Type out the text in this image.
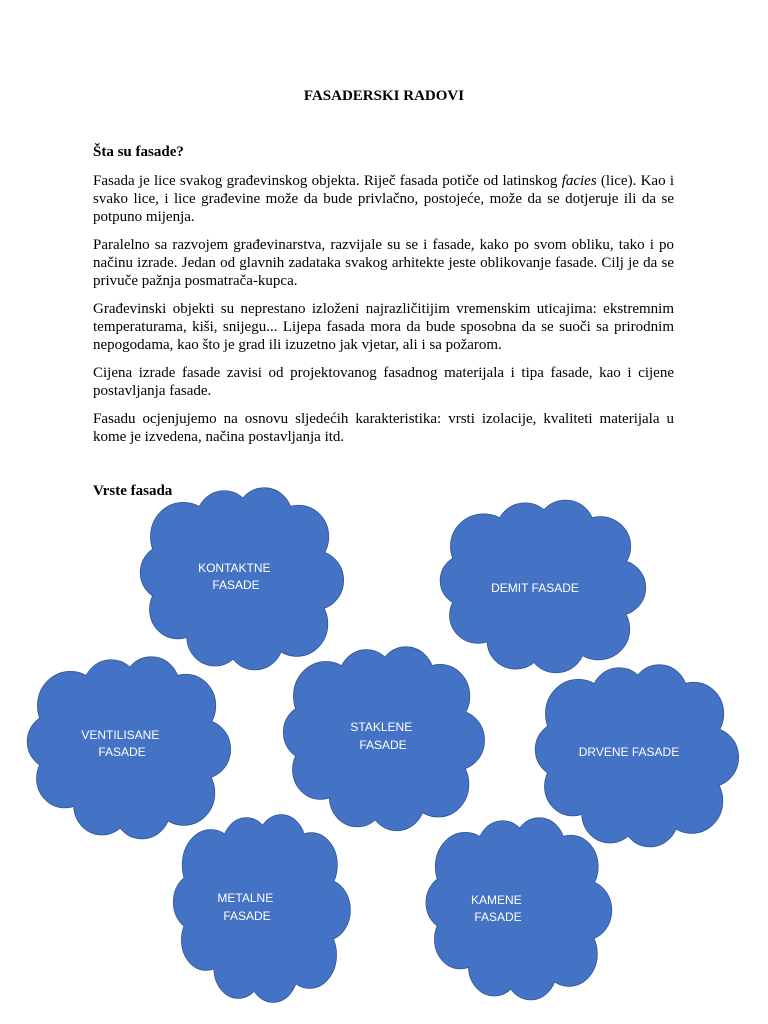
FASADERSKI RADOVI
Šta su fasade?

Fasada je lice svakog građevinskog objekta. Riječ fasada potiče od latinskog facies (lice). Kao i svako lice, i lice građevine može da bude privlačno, postojeće, može da se dotjeruje ili da se potpuno mijenja.

Paralelno sa razvojem građevinarstva, razvijale su se i fasade, kako po svom obliku, tako i po načinu izrade. Jedan od glavnih zadataka svakog arhitekte jeste oblikovanje fasade. Cilj je da se privuče pažnja posmatrača-kupca.

Građevinski objekti su neprestano izloženi najrazličitijim vremenskim uticajima: ekstremnim temperaturama, kiši, snijegu... Lijepa fasada mora da bude sposobna da se suoči sa prirodnim nepogodama, kao što je grad ili izuzetno jak vjetar, ali i sa požarom.

Cijena izrade fasade zavisi od projektovanog fasadnog materijala i tipa fasade, kao i cijene postavljanja fasade.

Fasadu ocjenjujemo na osnovu sljedećih karakteristika: vrsti izolacije, kvaliteti materijala u kome je izvedena, načina postavljanja itd.

Vrste fasada
KONTAKTNE FASADE	DEMIT FASADE
VENTILISANE FASADE
STAKLENE FASADE	DRVENE FASADE
METALNE FASADE
KAMENE FASADE
